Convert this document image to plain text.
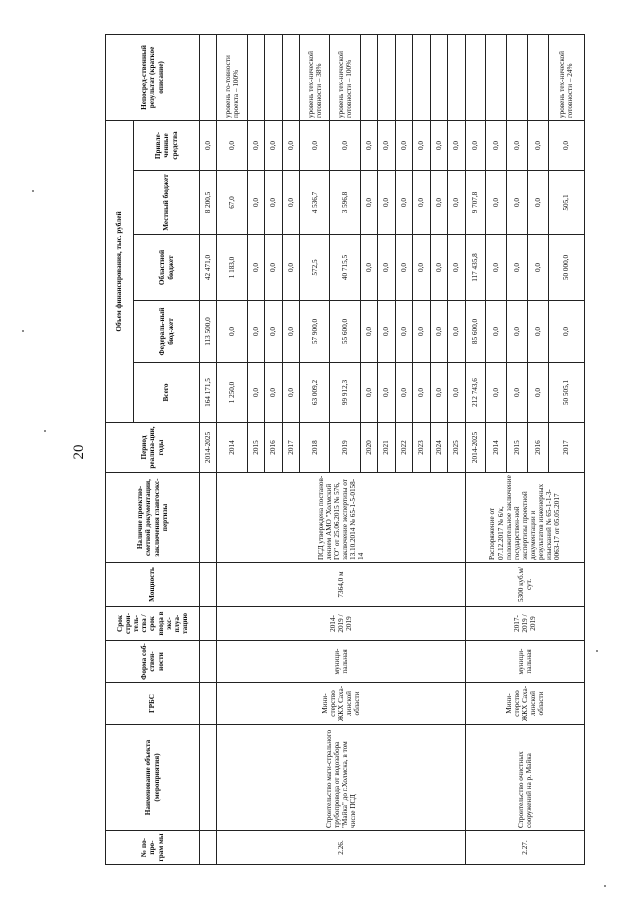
20
№ по-про-грам мы	Наименование объекта (мероприятия)	ГРБС	Форма соб-ствен-ности	Срок строи-тель-ства / срок ввода в экс-плуа-тацию	Мощность	Наличие проектно-сметной документации, заключения главгосэкс-пертизы	Период реализа-ции, годы	Объем финансирования, тыс. рублей					Непосред-ственный результат (краткое описание)
								Всего	Федераль-ный бюд-жет	Областной бюджет	Местный бюджет	Привле-ченные средства	
							2014-2025	164 171,5	113 500,0	42 471,0	8 200,5	0,0	
2.26.	Строительство маги-стрального трубопровода от водозабора "Майка" до г.Холмска, в том числе ПСД	Мини-стерство ЖКХ Саха-линской области	муници-пальная	2014-2019 / 2019	7364,0 м	ПСД утверждена постанов-лением АМО "Холмский ГО" от 25.06.2015 № 576, заключение экспертизы от 13.10.2014 № 65-1-5-0158-14	2014	1 250,0	0,0	1 183,0	67,0	0,0	уровень го-товности проекта – 100%
							2015	0,0	0,0	0,0	0,0	0,0	
							2016	0,0	0,0	0,0	0,0	0,0	
							2017	0,0	0,0	0,0	0,0	0,0	
							2018	63 009,2	57 900,0	572,5	4 536,7	0,0	уровень тех-нической готовности – 38%
							2019	99 912,3	55 600,0	40 715,5	3 596,8	0,0	уровень тех-нической готовности – 100%
							2020	0,0	0,0	0,0	0,0	0,0	
							2021	0,0	0,0	0,0	0,0	0,0	
							2022	0,0	0,0	0,0	0,0	0,0	
							2023	0,0	0,0	0,0	0,0	0,0	
							2024	0,0	0,0	0,0	0,0	0,0	
							2025	0,0	0,0	0,0	0,0	0,0	
2.27.	Строительство очистных сооружений на р. Майка	Мини-стерство ЖКХ Саха-линской области	муници-пальная	2017-2019 / 2019	5300 куб.м/сут.	Распоряжение от 07.12.2017 № 6/к, положительное заключение государствен-ной экспертизы проектной документации и результатов инженерных изысканий № 65-1-1-3-0063-17 от 05.05.2017	2014-2025	212 743,6	85 600,0	117 435,8	9 707,8	0,0	
							2014	0,0	0,0	0,0	0,0	0,0	
							2015	0,0	0,0	0,0	0,0	0,0	
							2016	0,0	0,0	0,0	0,0	0,0	
							2017	50 505,1	0,0	50 000,0	505,1	0,0	уровень тех-нической готовности – 24%
